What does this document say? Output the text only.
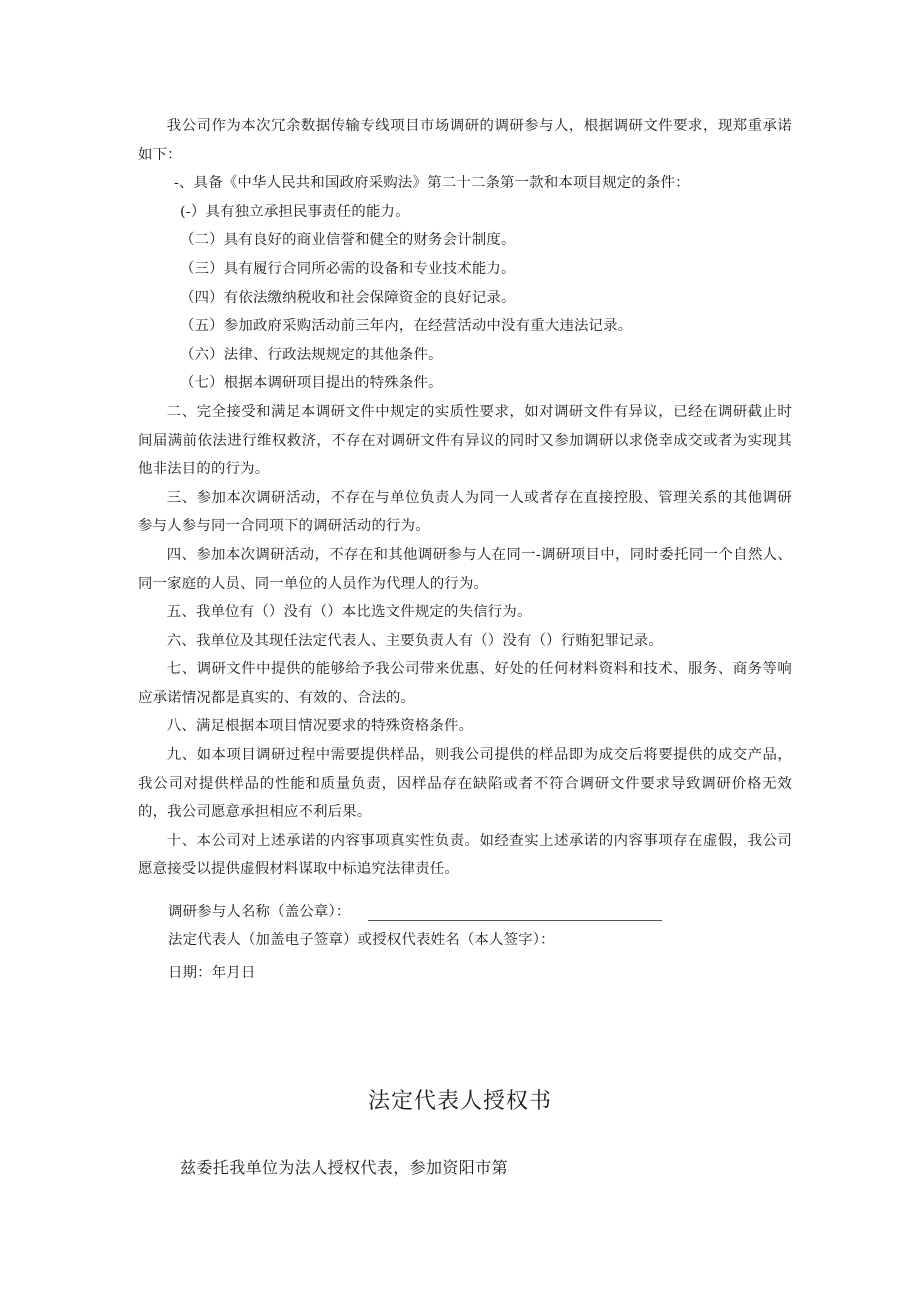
我公司作为本次冗余数据传输专线项目市场调研的调研参与人，根据调研文件要求，现郑重承诺如下：

-、具备《中华人民共和国政府采购法》第二十二条第一款和本项目规定的条件：

(-）具有独立承担民事责任的能力。

（二）具有良好的商业信誉和健全的财务会计制度。

（三）具有履行合同所必需的设备和专业技术能力。

（四）有依法缴纳税收和社会保障资金的良好记录。

（五）参加政府采购活动前三年内，在经营活动中没有重大违法记录。

（六）法律、行政法规规定的其他条件。

（七）根据本调研项目提出的特殊条件。

二、完全接受和满足本调研文件中规定的实质性要求，如对调研文件有异议，已经在调研截止时间届满前依法进行维权救济，不存在对调研文件有异议的同时又参加调研以求侥幸成交或者为实现其他非法目的的行为。

三、参加本次调研活动，不存在与单位负责人为同一人或者存在直接控股、管理关系的其他调研参与人参与同一合同项下的调研活动的行为。

四、参加本次调研活动，不存在和其他调研参与人在同一-调研项目中，同时委托同一个自然人、同一家庭的人员、同一单位的人员作为代理人的行为。

五、我单位有（）没有（）本比选文件规定的失信行为。

六、我单位及其现任法定代表人、主要负责人有（）没有（）行贿犯罪记录。

七、调研文件中提供的能够给予我公司带来优惠、好处的任何材料资料和技术、服务、商务等响应承诺情况都是真实的、有效的、合法的。

八、满足根据本项目情况要求的特殊资格条件。

九、如本项目调研过程中需要提供样品，则我公司提供的样品即为成交后将要提供的成交产品，我公司对提供样品的性能和质量负责，因样品存在缺陷或者不符合调研文件要求导致调研价格无效的，我公司愿意承担相应不利后果。

十、本公司对上述承诺的内容事项真实性负责。如经查实上述承诺的内容事项存在虚假，我公司愿意接受以提供虚假材料谋取中标追究法律责任。

调研参与人名称（盖公章）：
法定代表人（加盖电子签章）或授权代表姓名（本人签字）：
日期：年月日
法定代表人授权书
兹委托我单位为法人授权代表，参加资阳市第
